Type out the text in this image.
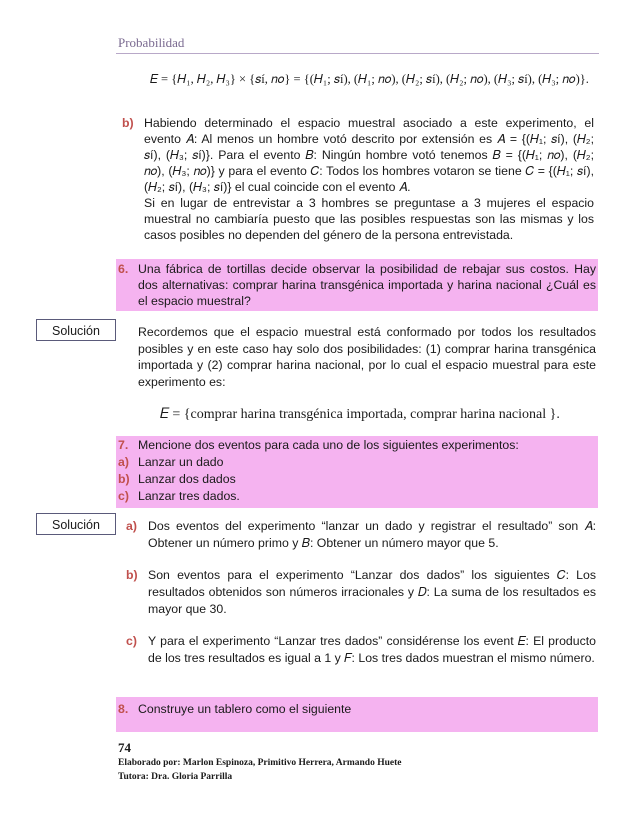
Probabilidad
𝐸 = {𝐻₁, 𝐻₂, 𝐻₃} × {𝑠í, 𝑛𝑜} = {(𝐻₁; 𝑠í), (𝐻₁; 𝑛𝑜), (𝐻₂; 𝑠í), (𝐻₂; 𝑛𝑜), (𝐻₃; 𝑠í), (𝐻₃; 𝑛𝑜)}.
b) Habiendo determinado el espacio muestral asociado a este experimento, el evento 𝐴: Al menos un hombre votó descrito por extensión es 𝐴 = {(𝐻₁; 𝑠í), (𝐻₂; 𝑠í), (𝐻₃; 𝑠í)}. Para el evento 𝐵: Ningún hombre votó tenemos 𝐵 = {(𝐻₁; 𝑛𝑜), (𝐻₂; 𝑛𝑜), (𝐻₃; 𝑛𝑜)} y para el evento 𝐶: Todos los hombres votaron se tiene 𝐶 = {(𝐻₁; 𝑠í), (𝐻₂; 𝑠í), (𝐻₃; 𝑠í)} el cual coincide con el evento 𝐴.
Si en lugar de entrevistar a 3 hombres se preguntase a 3 mujeres el espacio muestral no cambiaría puesto que las posibles respuestas son las mismas y los casos posibles no dependen del género de la persona entrevistada.
6. Una fábrica de tortillas decide observar la posibilidad de rebajar sus costos. Hay dos alternativas: comprar harina transgénica importada y harina nacional ¿Cuál es el espacio muestral?
Solución	Recordemos que el espacio muestral está conformado por todos los resultados posibles y en este caso hay solo dos posibilidades: (1) comprar harina transgénica importada y (2) comprar harina nacional, por lo cual el espacio muestral para este experimento es:
𝐸 = {comprar harina transgénica importada, comprar harina nacional }.
7. Mencione dos eventos para cada uno de los siguientes experimentos:
a) Lanzar un dado
b) Lanzar dos dados
c) Lanzar tres dados.
Solución	a) Dos eventos del experimento “lanzar un dado y registrar el resultado” son 𝐴: Obtener un número primo y 𝐵: Obtener un número mayor que 5.
b) Son eventos para el experimento “Lanzar dos dados” los siguientes 𝐶: Los resultados obtenidos son números irracionales y 𝐷: La suma de los resultados es mayor que 30.
c) Y para el experimento “Lanzar tres dados” considérense los event 𝐸: El producto de los tres resultados es igual a 1 y 𝐹: Los tres dados muestran el mismo número.
8. Construye un tablero como el siguiente
74
Elaborado por: Marlon Espinoza, Primitivo Herrera, Armando Huete
Tutora: Dra. Gloria Parrilla
